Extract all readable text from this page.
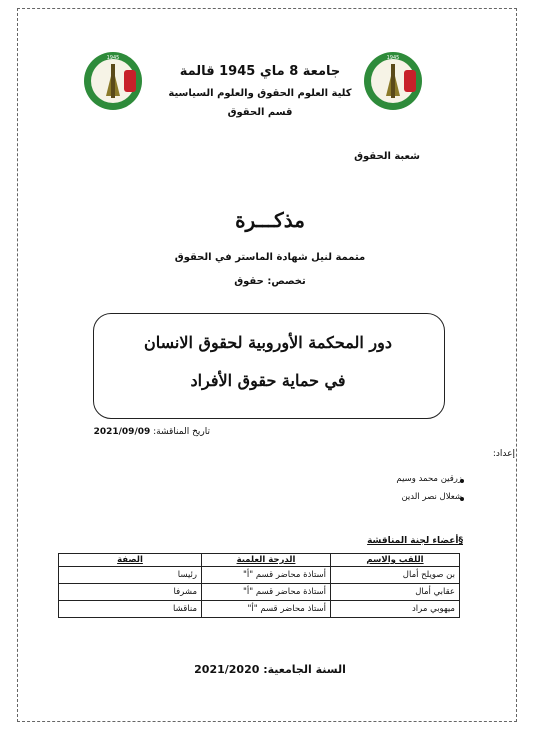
1945	1945
جامعة 8 ماي 1945 قالمة
كلية العلوم الحقوق والعلوم السياسية
قسم الحقوق
شعبة الحقوق
مذكـــرة
متممة لنيل شهادة الماستر في الحقوق
تخصص: حقوق
دور المحكمة الأوروبية لحقوق الانسان
في حماية حقوق الأفراد
تاريخ المناقشة: 2021/09/09
إعداد:
زرقين محمد وسيم
شعلال نصر الدين
§أعضاء لجنة المناقشة
اللقب والاسم	الدرجة العلمية	الصفة
بن صويلح أمال	أستاذة محاضر قسم "أ"	رئيسا
عقابي أمال	أستاذة محاضر قسم "أ"	مشرفا
ميهوبي مراد	أستاذ محاضر قسم "أ"	مناقشا
السنة الجامعية: 2021/2020
